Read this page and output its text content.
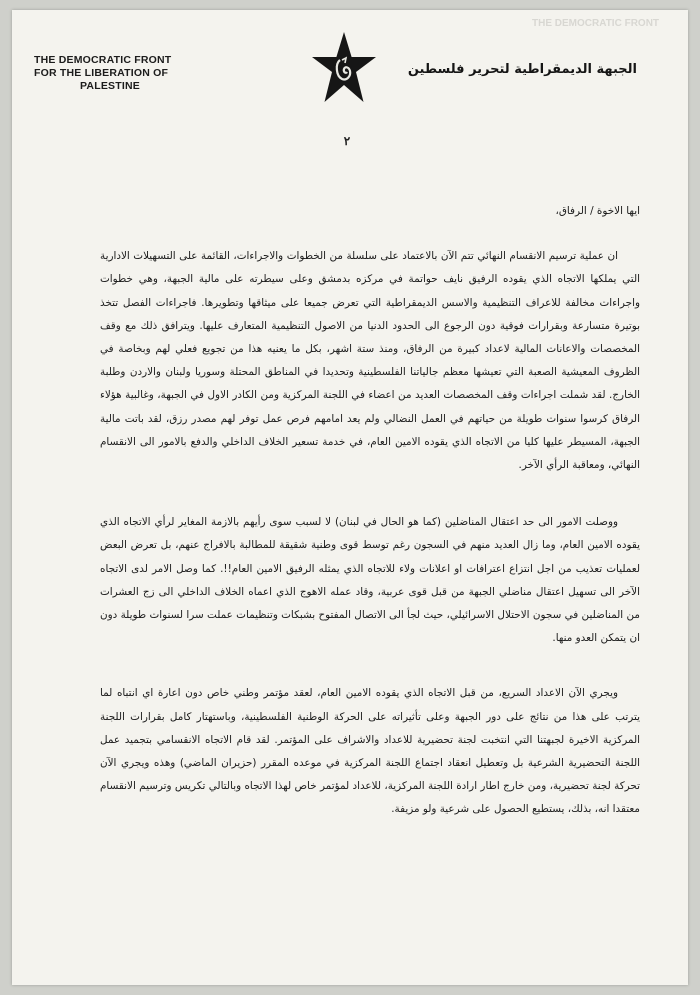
THE DEMOCRATIC FRONT
THE DEMOCRATIC FRONT
FOR THE LIBERATION OF
PALESTINE
الجبهة الديمقراطية لتحرير فلسطين
٢

ايها الاخوة / الرفاق،

ان عملية ترسيم الانقسام النهائي تتم الآن بالاعتماد على سلسلة من الخطوات والاجراءات، القائمة على التسهيلات الادارية التي يملكها الاتجاه الذي يقوده الرفيق نايف حواتمة في مركزه بدمشق وعلى سيطرته على مالية الجبهة، وهي خطوات واجراءات مخالفة للاعراف التنظيمية والاسس الديمقراطية التي تعرض جميعا على ميثاقها وتطويرها. فاجراءات الفصل تتخذ بوتيرة متسارعة وبقرارات فوقية دون الرجوع الى الحدود الدنيا من الاصول التنظيمية المتعارف عليها. ويترافق ذلك مع وقف المخصصات والاعانات المالية لاعداد كبيرة من الرفاق، ومنذ ستة اشهر، بكل ما يعنيه هذا من تجويع فعلي لهم وبخاصة في الظروف المعيشية الصعبة التي تعيشها معظم جالياتنا الفلسطينية وتحديدا في المناطق المحتلة وسوريا ولبنان والاردن وطلبة الخارج. لقد شملت اجراءات وقف المخصصات العديد من اعضاء في اللجنة المركزية ومن الكادر الاول في الجبهة، وغالبية هؤلاء الرفاق كرسوا سنوات طويلة من حياتهم في العمل النضالي ولم يعد امامهم فرص عمل توفر لهم مصدر رزق، لقد باتت مالية الجبهة، المسيطر عليها كليا من الاتجاه الذي يقوده الامين العام، في خدمة تسعير الخلاف الداخلي والدفع بالامور الى الانقسام النهائي، ومعاقبة الرأي الآخر.

ووصلت الامور الى حد اعتقال المناضلين (كما هو الحال في لبنان) لا لسبب سوى رأيهم بالازمة المغاير لرأي الاتجاه الذي يقوده الامين العام، وما زال العديد منهم في السجون رغم توسط قوى وطنية شقيقة للمطالبة بالافراج عنهم، بل تعرض البعض لعمليات تعذيب من اجل انتزاع اعترافات او اعلانات ولاء للاتجاه الذي يمثله الرفيق الامين العام!!. كما وصل الامر لدى الاتجاه الآخر الى تسهيل اعتقال مناضلي الجبهة من قبل قوى عربية، وقاد عمله الاهوج الذي اعماه الخلاف الداخلي الى زج العشرات من المناضلين في سجون الاحتلال الاسرائيلي، حيث لجأ الى الاتصال المفتوح بشبكات وتنظيمات عملت سرا لسنوات طويلة دون ان يتمكن العدو منها.

ويجري الآن الاعداد السريع، من قبل الاتجاه الذي يقوده الامين العام، لعقد مؤتمر وطني خاص دون اعارة اي انتباه لما يترتب على هذا من نتائج على دور الجبهة وعلى تأثيراته على الحركة الوطنية الفلسطينية، وباستهتار كامل بقرارات اللجنة المركزية الاخيرة لجبهتنا التي انتخبت لجنة تحضيرية للاعداد والاشراف على المؤتمر. لقد قام الاتجاه الانقسامي بتجميد عمل اللجنة التحضيرية الشرعية بل وتعطيل انعقاد اجتماع اللجنة المركزية في موعده المقرر (حزيران الماضي) وهذه ويجري الآن تحركة لجنة تحضيرية، ومن خارج اطار ارادة اللجنة المركزية، للاعداد لمؤتمر خاص لهذا الاتجاه وبالتالي تكريس وترسيم الانقسام معتقدا انه، بذلك، يستطيع الحصول على شرعية ولو مزيفة.
